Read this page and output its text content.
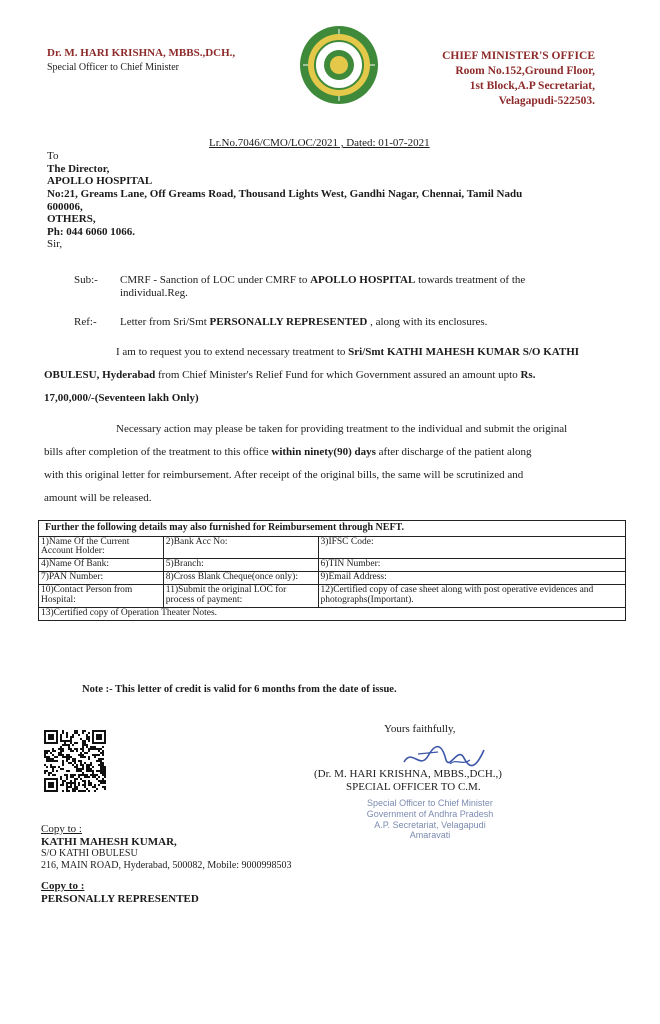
Dr. M. HARI KRISHNA, MBBS.,DCH.,
Special Officer to Chief Minister
CHIEF MINISTER'S OFFICE
Room No.152,Ground Floor,
1st Block,A.P Secretariat,
Velagapudi-522503.
Lr.No.7046/CMO/LOC/2021 , Dated: 01-07-2021
To
The Director,
APOLLO HOSPITAL
No:21, Greams Lane, Off Greams Road, Thousand Lights West, Gandhi Nagar, Chennai, Tamil Nadu
600006,
OTHERS,
Ph: 044 6060 1066.
Sir,
Sub:- CMRF - Sanction of LOC under CMRF to APOLLO HOSPITAL towards treatment of the
individual.Reg.
Ref:- Letter from Sri/Smt PERSONALLY REPRESENTED , along with its enclosures.
I am to request you to extend necessary treatment to Sri/Smt KATHI MAHESH KUMAR S/O KATHI
OBULESU, Hyderabad from Chief Minister's Relief Fund for which Government assured an amount upto Rs.
17,00,000/-(Seventeen lakh Only)
Necessary action may please be taken for providing treatment to the individual and submit the original
bills after completion of the treatment to this office within ninety(90) days after discharge of the patient along
with this original letter for reimbursement. After receipt of the original bills, the same will be scrutinized and
amount will be released.
Further the following details may also furnished for Reimbursement through NEFT.		
1)Name Of the Current Account Holder:	2)Bank Acc No:	3)IFSC Code:
4)Name Of Bank:	5)Branch:	6)TIN Number:
7)PAN Number:	8)Cross Blank Cheque(once only):	9)Email Address:
10)Contact Person from Hospital:	11)Submit the original LOC for process of payment:	12)Certified copy of case sheet along with post operative evidences and photographs(Important).
13)Certified copy of Operation Theater Notes.		
Note :- This letter of credit is valid for 6 months from the date of issue.
Yours faithfully,
(Dr. M. HARI KRISHNA, MBBS.,DCH.,)
SPECIAL OFFICER TO C.M.
Special Officer to Chief Minister
Government of Andhra Pradesh
A.P. Secretariat, Velagapudi
Amaravati
Copy to :
KATHI MAHESH KUMAR,
S/O KATHI OBULESU
216, MAIN ROAD, Hyderabad, 500082, Mobile: 9000998503
Copy to :
PERSONALLY REPRESENTED
